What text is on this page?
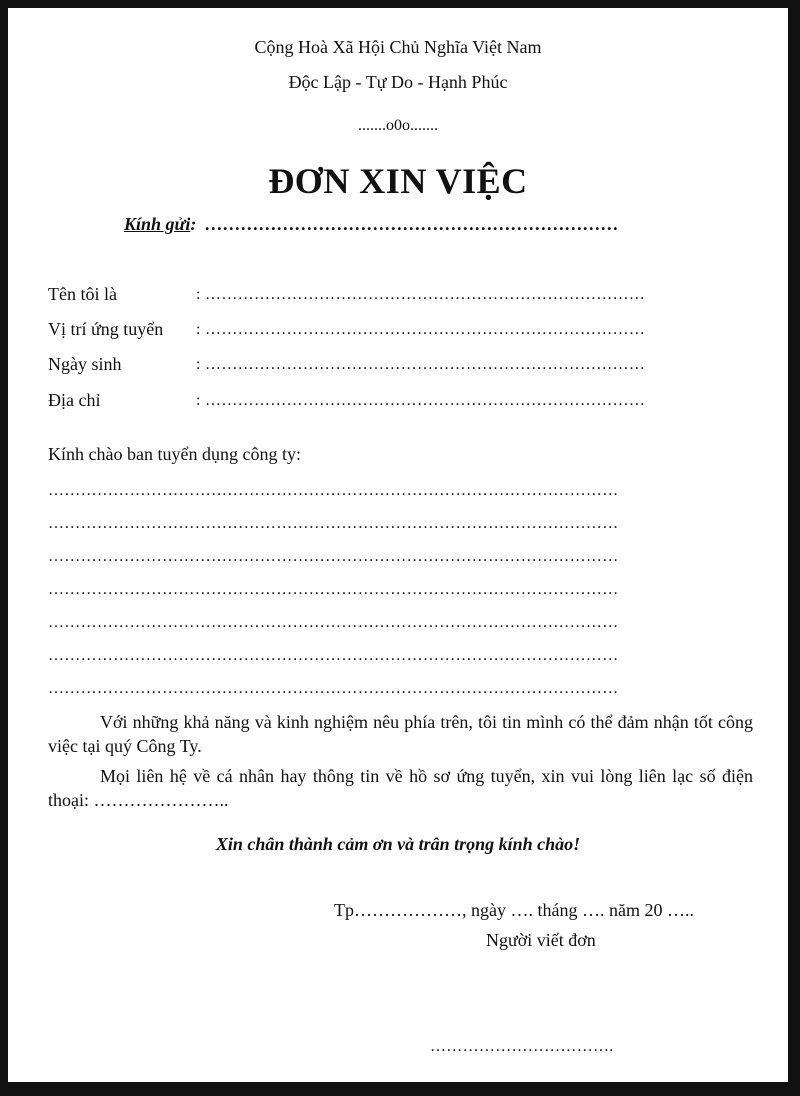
Cộng Hoà Xã Hội Chủ Nghĩa Việt Nam
Độc Lập - Tự Do - Hạnh Phúc
.......o0o.......
ĐƠN XIN VIỆC
Kính gửi: ……………………………………………………………
Tên tôi là	: ………………………………………………………………………
Vị trí ứng tuyển : ………………………………………………………………………
Ngày sinh	: ………………………………………………………………………
Địa chỉ	: ………………………………………………………………………
Kính chào ban tuyển dụng công ty:
……………………………………………………………………………………………
……………………………………………………………………………………………
……………………………………………………………………………………………
……………………………………………………………………………………………
……………………………………………………………………………………………
……………………………………………………………………………………………
……………………………………………………………………………………………
Với những khả năng và kinh nghiệm nêu phía trên, tôi tin mình có thể đảm nhận tốt công việc tại quý Công Ty.
Mọi liên hệ về cá nhân hay thông tin về hồ sơ ứng tuyển, xin vui lòng liên lạc số điện thoại: …………………..
Xin chân thành cảm ơn và trân trọng kính chào!
Tp………………, ngày …. tháng …. năm 20 …..
Người viết đơn
…………………………….
